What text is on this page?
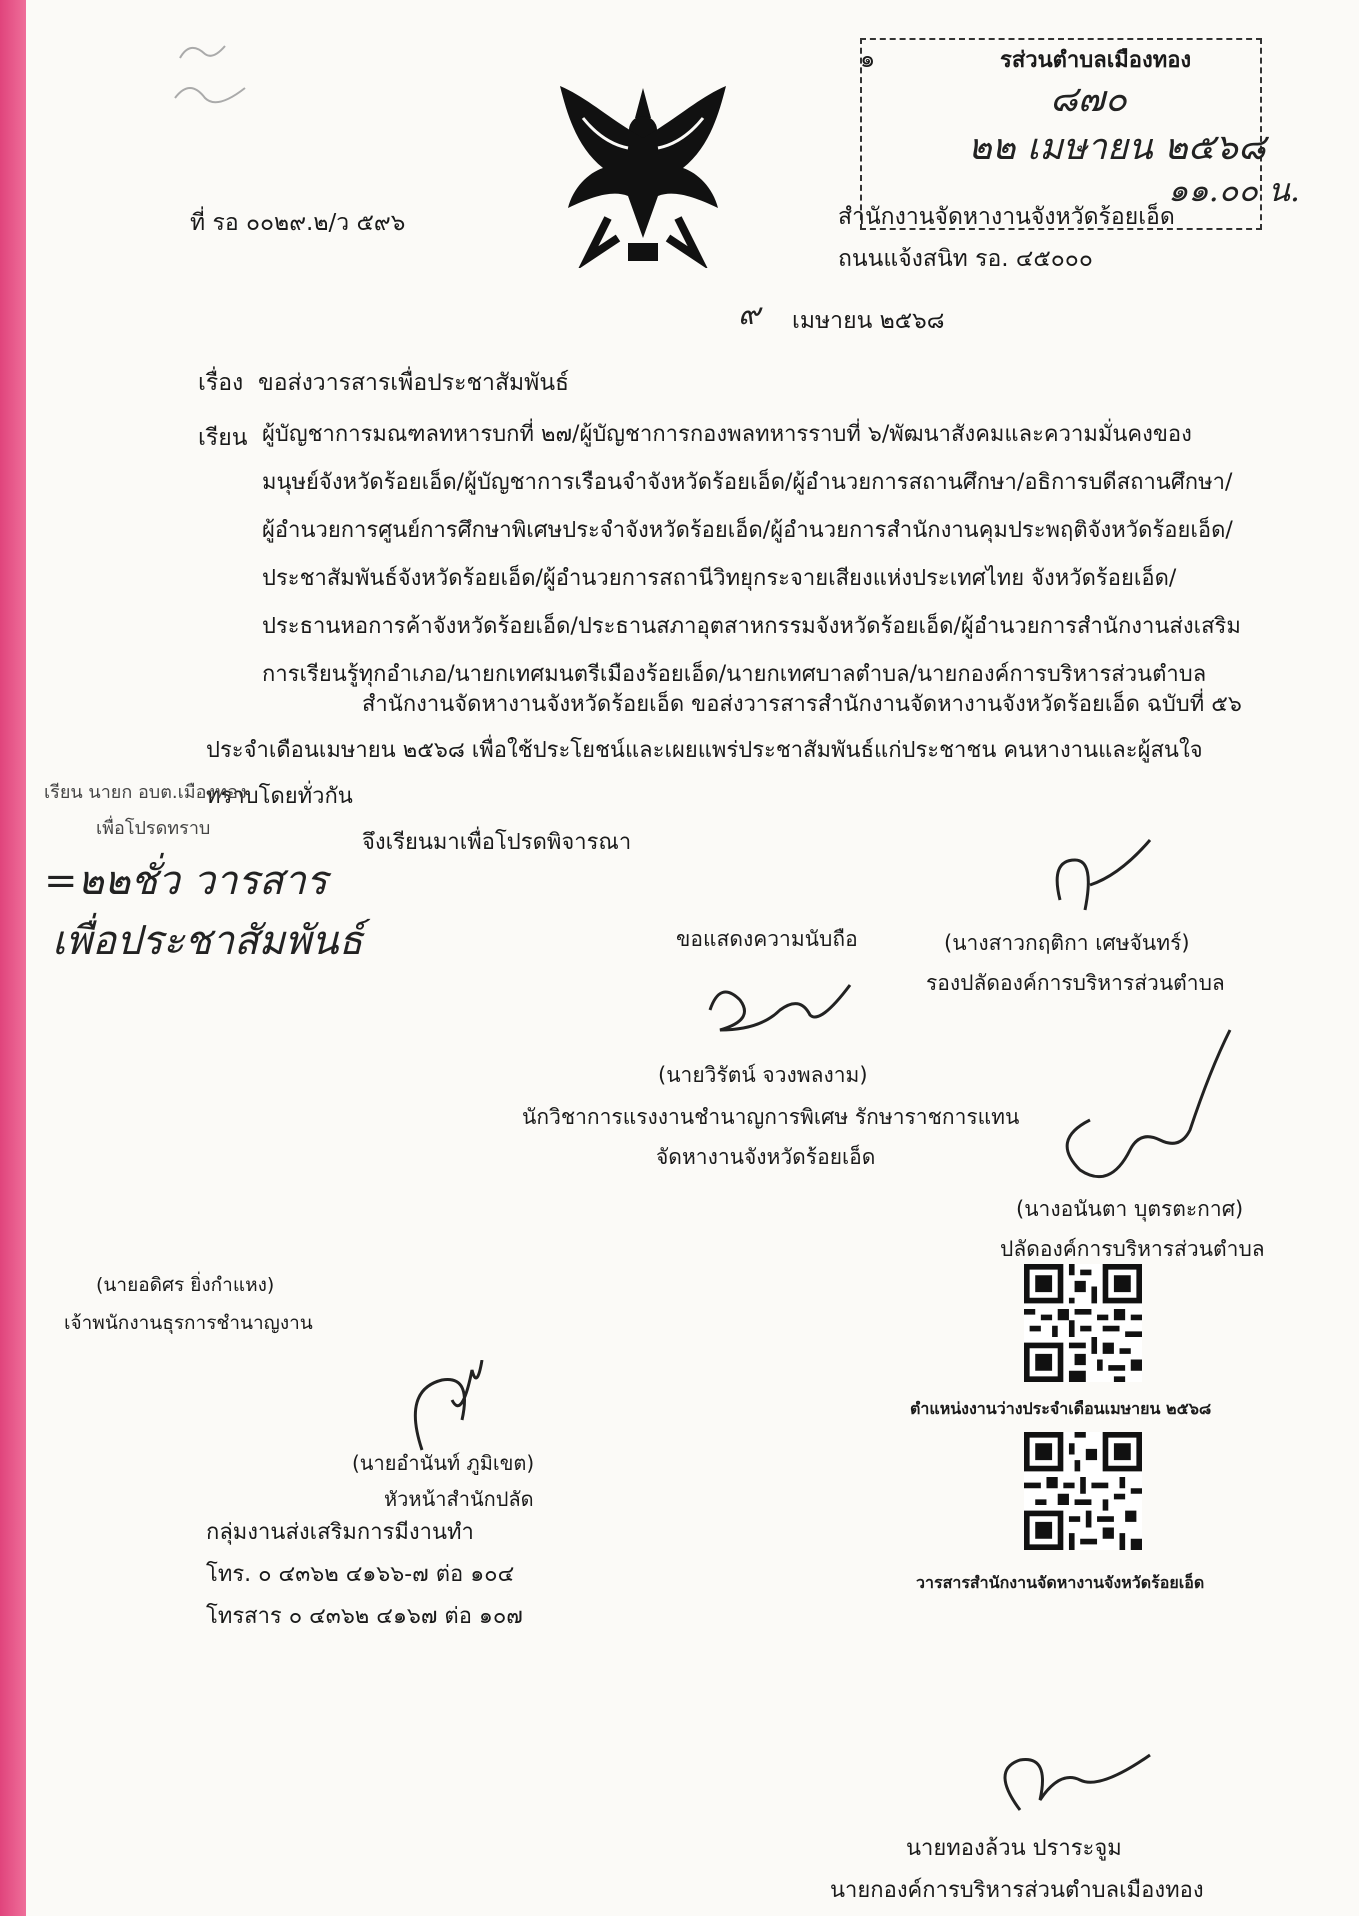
๑	รส่วนตำบลเมืองทอง
๘๗๐
๒๒ เมษายน ๒๕๖๘
๑๑.๐๐ น.
ที่ รอ ๐๐๒๙.๒/ว ๕๙๖	สำนักงานจัดหางานจังหวัดร้อยเอ็ด
ถนนแจ้งสนิท รอ. ๔๕๐๐๐
๙ เมษายน ๒๕๖๘
เรื่อง ขอส่งวารสารเพื่อประชาสัมพันธ์
เรียน ผู้บัญชาการมณฑลทหารบกที่ ๒๗/ผู้บัญชาการกองพลทหารราบที่ ๖/พัฒนาสังคมและความมั่นคงของ
มนุษย์จังหวัดร้อยเอ็ด/ผู้บัญชาการเรือนจำจังหวัดร้อยเอ็ด/ผู้อำนวยการสถานศึกษา/อธิการบดีสถานศึกษา/
ผู้อำนวยการศูนย์การศึกษาพิเศษประจำจังหวัดร้อยเอ็ด/ผู้อำนวยการสำนักงานคุมประพฤติจังหวัดร้อยเอ็ด/
ประชาสัมพันธ์จังหวัดร้อยเอ็ด/ผู้อำนวยการสถานีวิทยุกระจายเสียงแห่งประเทศไทย จังหวัดร้อยเอ็ด/
ประธานหอการค้าจังหวัดร้อยเอ็ด/ประธานสภาอุตสาหกรรมจังหวัดร้อยเอ็ด/ผู้อำนวยการสำนักงานส่งเสริม
การเรียนรู้ทุกอำเภอ/นายกเทศมนตรีเมืองร้อยเอ็ด/นายกเทศบาลตำบล/นายกองค์การบริหารส่วนตำบล
สำนักงานจัดหางานจังหวัดร้อยเอ็ด ขอส่งวารสารสำนักงานจัดหางานจังหวัดร้อยเอ็ด ฉบับที่ ๕๖
ประจำเดือนเมษายน ๒๕๖๘ เพื่อใช้ประโยชน์และเผยแพร่ประชาสัมพันธ์แก่ประชาชน คนหางานและผู้สนใจ
ทราบโดยทั่วกัน
จึงเรียนมาเพื่อโปรดพิจารณา
เรียน นายก อบต.เมืองทอง
เพื่อโปรดทราบ
=๒๒ชั่ว วารสาร
เพื่อประชาสัมพันธ์	(นางสาวกฤติกา เศษจันทร์)
รองปลัดองค์การบริหารส่วนตำบล
ขอแสดงความนับถือ
(นายวิรัตน์ จวงพลงาม)
นักวิชาการแรงงานชำนาญการพิเศษ รักษาราชการแทน
จัดหางานจังหวัดร้อยเอ็ด
(นางอนันตา บุตรตะกาศ)
ปลัดองค์การบริหารส่วนตำบล
(นายอดิศร ยิ่งกำแหง)
เจ้าพนักงานธุรการชำนาญงาน
(นายอำนันท์ ภูมิเขต)
หัวหน้าสำนักปลัด
กลุ่มงานส่งเสริมการมีงานทำ
โทร. ๐ ๔๓๖๒ ๔๑๖๖-๗ ต่อ ๑๐๔
โทรสาร ๐ ๔๓๖๒ ๔๑๖๗ ต่อ ๑๐๗
ตำแหน่งงานว่างประจำเดือนเมษายน ๒๕๖๘
วารสารสำนักงานจัดหางานจังหวัดร้อยเอ็ด
นายทองล้วน ปราระจูม
นายกองค์การบริหารส่วนตำบลเมืองทอง
